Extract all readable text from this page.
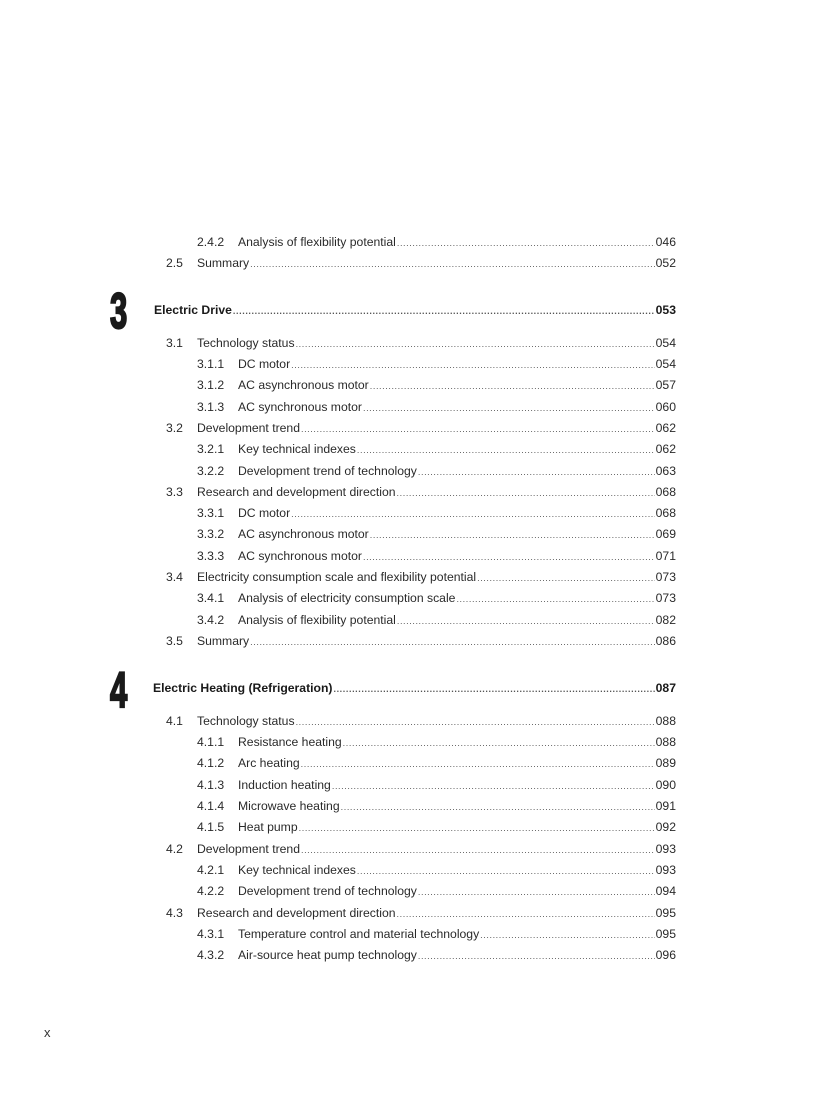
2.4.2 Analysis of flexibility potential .....	046
2.5 Summary .....	052
3 Electric Drive .....	053
3.1 Technology status .....	054
3.1.1 DC motor .....	054
3.1.2 AC asynchronous motor .....	057
3.1.3 AC synchronous motor .....	060
3.2 Development trend .....	062
3.2.1 Key technical indexes .....	062
3.2.2 Development trend of technology .....	063
3.3 Research and development direction .....	068
3.3.1 DC motor .....	068
3.3.2 AC asynchronous motor .....	069
3.3.3 AC synchronous motor .....	071
3.4 Electricity consumption scale and flexibility potential .....	073
3.4.1 Analysis of electricity consumption scale .....	073
3.4.2 Analysis of flexibility potential .....	082
3.5 Summary .....	086
4 Electric Heating (Refrigeration) .....	087
4.1 Technology status .....	088
4.1.1 Resistance heating .....	088
4.1.2 Arc heating .....	089
4.1.3 Induction heating .....	090
4.1.4 Microwave heating .....	091
4.1.5 Heat pump .....	092
4.2 Development trend .....	093
4.2.1 Key technical indexes .....	093
4.2.2 Development trend of technology .....	094
4.3 Research and development direction .....	095
4.3.1 Temperature control and material technology .....	095
4.3.2 Air-source heat pump technology .....	096
x
